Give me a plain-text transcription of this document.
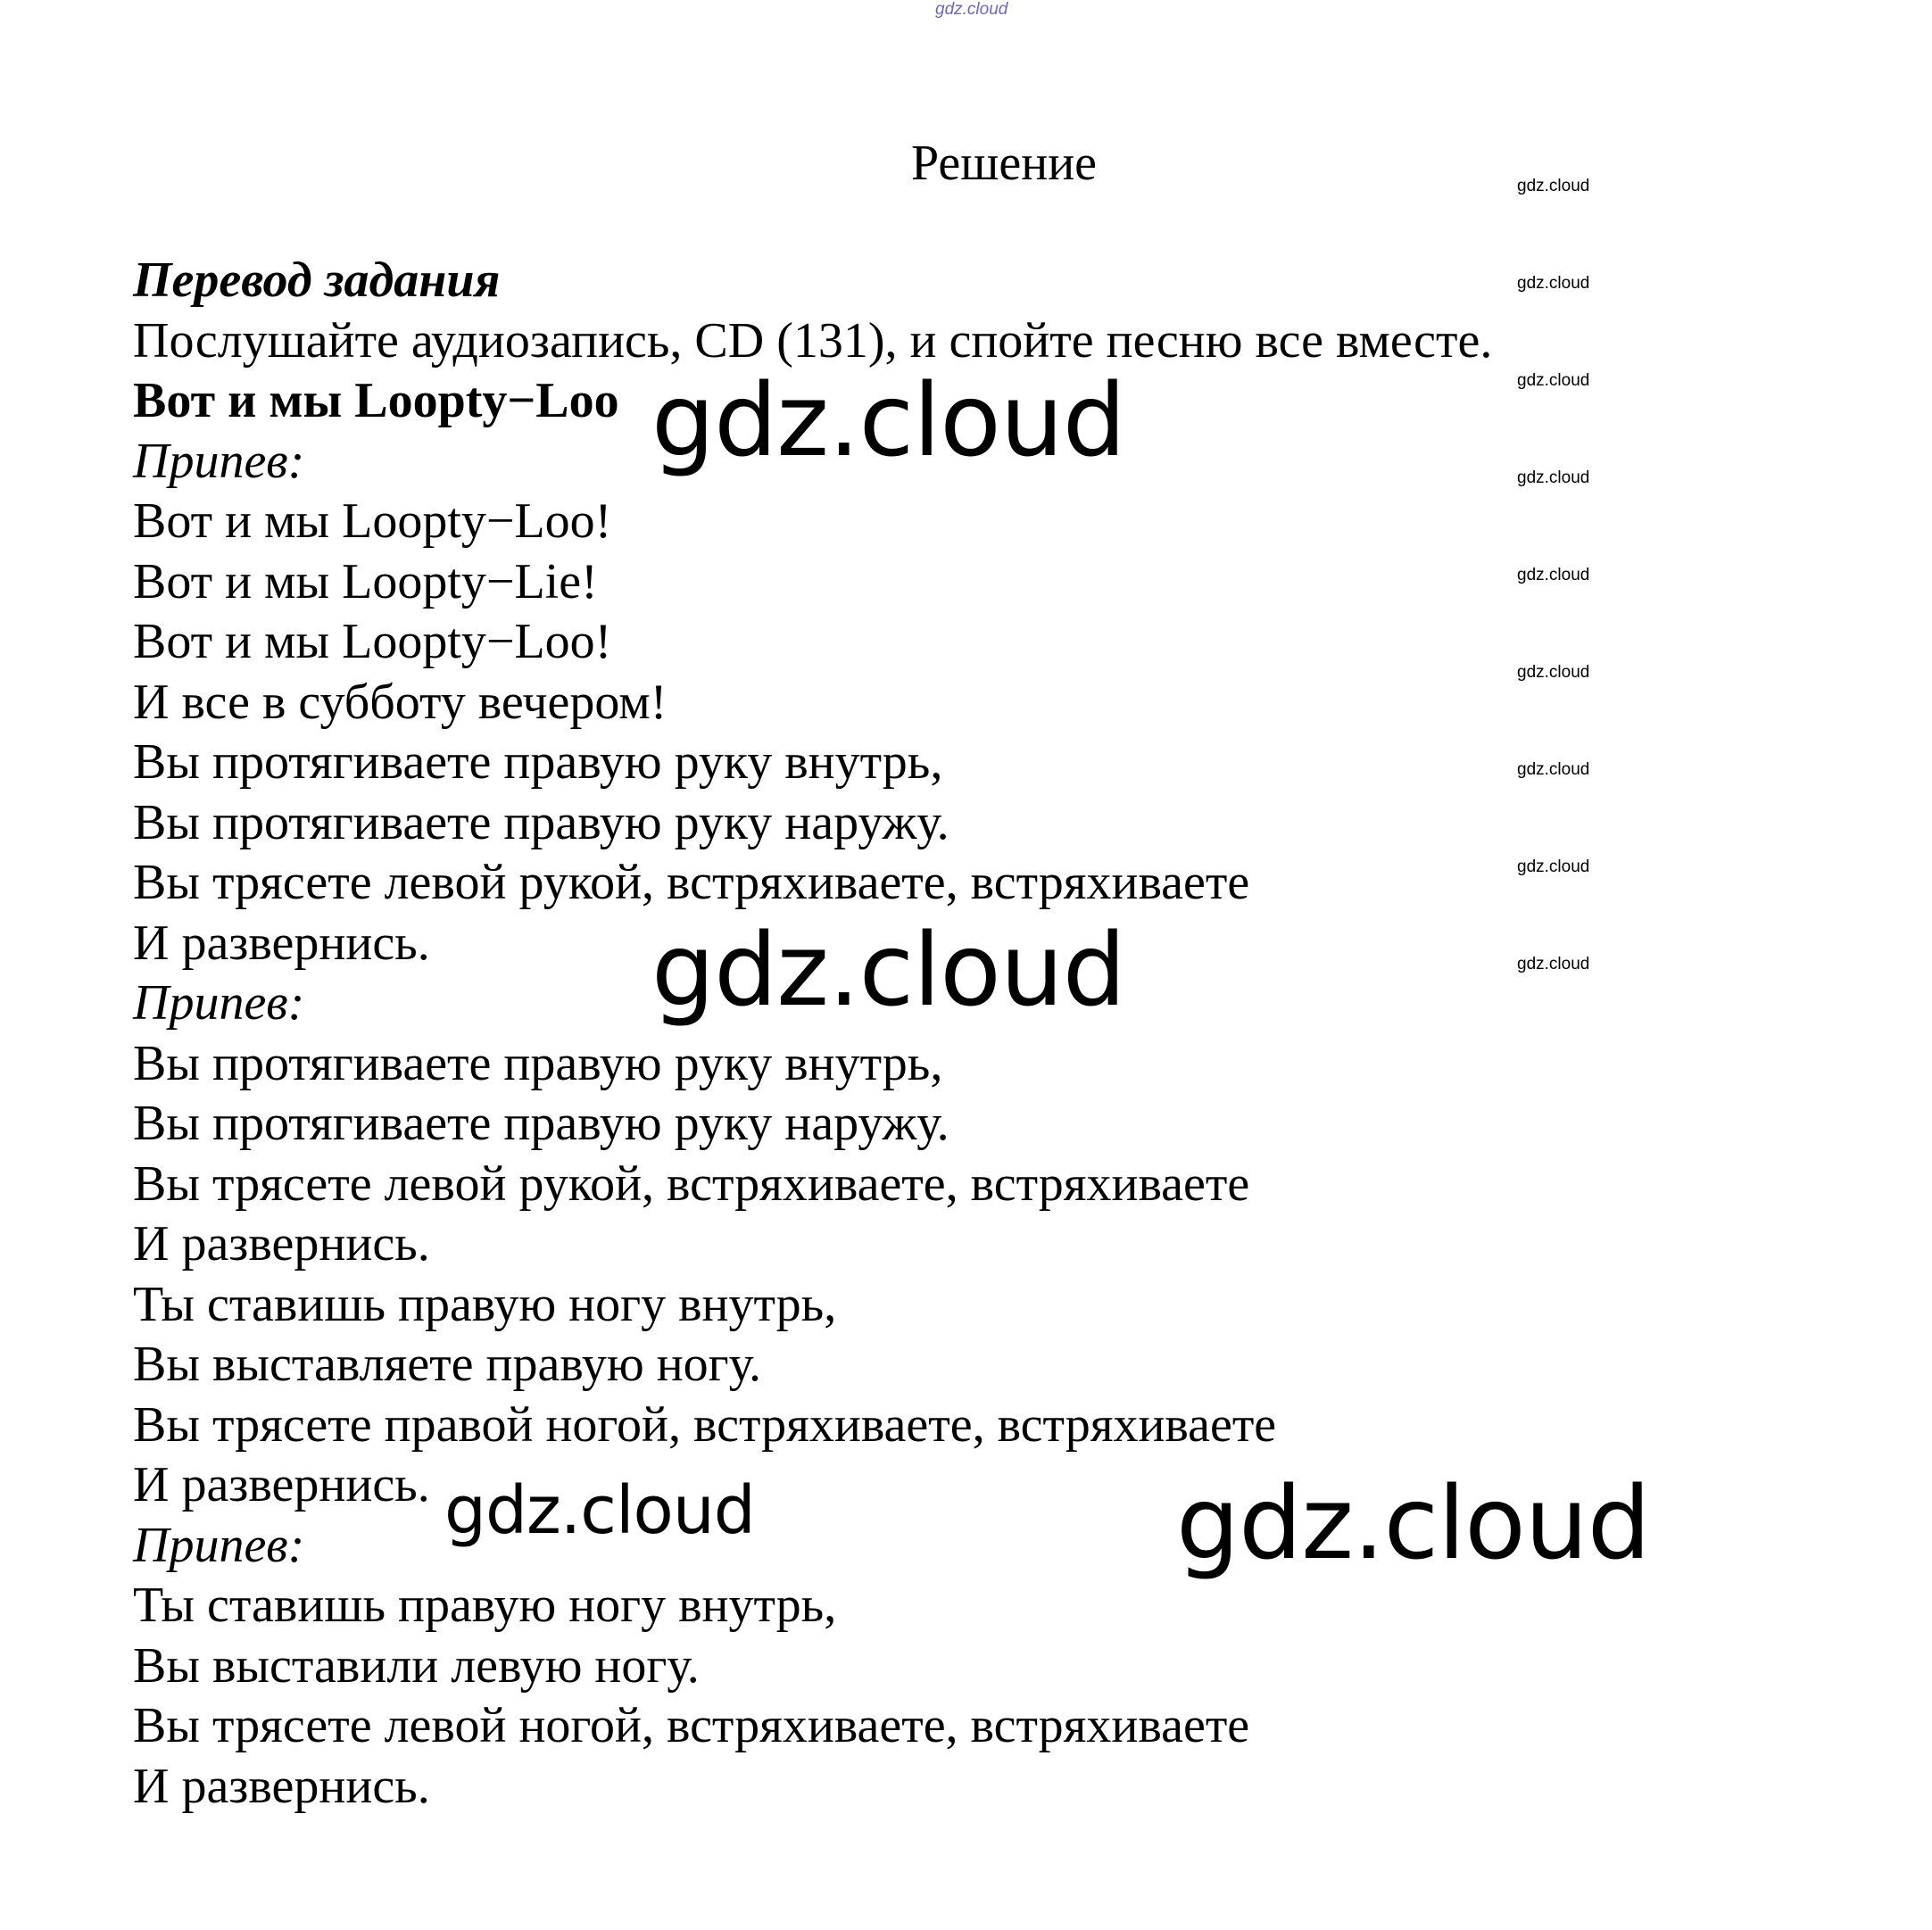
gdz.cloud
Решение
Перевод задания
Послушайте аудиозапись, CD (131), и спойте песню все вместе.
Вот и мы Loopty−Loo
Припев:
Вот и мы Loopty−Loo!
Вот и мы Loopty−Lie!
Вот и мы Loopty−Loo!
И все в субботу вечером!
Вы протягиваете правую руку внутрь,
Вы протягиваете правую руку наружу.
Вы трясете левой рукой, встряхиваете, встряхиваете
И развернись.
Припев:
Вы протягиваете правую руку внутрь,
Вы протягиваете правую руку наружу.
Вы трясете левой рукой, встряхиваете, встряхиваете
И развернись.
Ты ставишь правую ногу внутрь,
Вы выставляете правую ногу.
Вы трясете правой ногой, встряхиваете, встряхиваете
И развернись.
Припев:
Ты ставишь правую ногу внутрь,
Вы выставили левую ногу.
Вы трясете левой ногой, встряхиваете, встряхиваете
И развернись.
gdz.cloud
gdz.cloud
gdz.cloud
gdz.cloud
gdz.cloud
gdz.cloud
gdz.cloud
gdz.cloud
gdz.cloud
gdz.cloud
gdz.cloud
gdz.cloud	gdz.cloud
